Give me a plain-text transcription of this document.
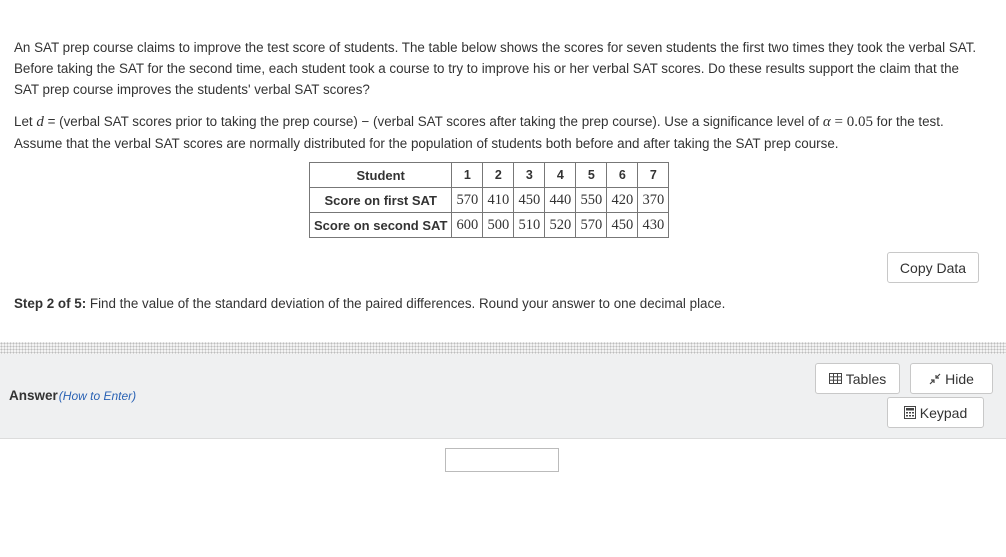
An SAT prep course claims to improve the test score of students. The table below shows the scores for seven students the first two times they took the verbal SAT. Before taking the SAT for the second time, each student took a course to try to improve his or her verbal SAT scores. Do these results support the claim that the SAT prep course improves the students' verbal SAT scores?

Let d = (verbal SAT scores prior to taking the prep course) − (verbal SAT scores after taking the prep course). Use a significance level of α = 0.05 for the test. Assume that the verbal SAT scores are normally distributed for the population of students both before and after taking the SAT prep course.

Student	1	2	3	4	5	6	7
Score on first SAT	570	410	450	440	550	420	370
Score on second SAT	600	500	510	520	570	450	430
Copy Data
Step 2 of 5: Find the value of the standard deviation of the paired differences. Round your answer to one decimal place.
Answer(How to Enter)
Tables	Hide
Keypad
